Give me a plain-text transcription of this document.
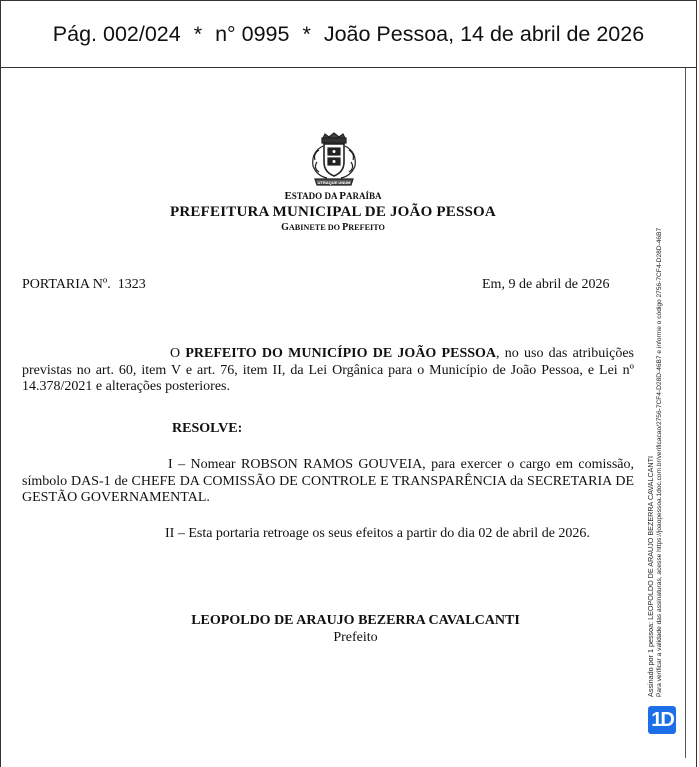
Pág. 002/024 * n° 0995 * João Pessoa, 14 de abril de 2026
UTRAQUE UNUM
ESTADO DA PARAÍBA
PREFEITURA MUNICIPAL DE JOÃO PESSOA
GABINETE DO PREFEITO
PORTARIA Nº. 1323	Em, 9 de abril de 2026
O PREFEITO DO MUNICÍPIO DE JOÃO PESSOA, no uso das atribuições previstas no art. 60, item V e art. 76, item II, da Lei Orgânica para o Município de João Pessoa, e Lei nº 14.378/2021 e alterações posteriores.
RESOLVE:
I – Nomear ROBSON RAMOS GOUVEIA, para exercer o cargo em comissão, símbolo DAS-1 de CHEFE DA COMISSÃO DE CONTROLE E TRANSPARÊNCIA da SECRETARIA DE GESTÃO GOVERNAMENTAL.
II – Esta portaria retroage os seus efeitos a partir do dia 02 de abril de 2026.
LEOPOLDO DE ARAUJO BEZERRA CAVALCANTI
Prefeito	Assinado por 1 pessoa: LEOPOLDO DE ARAUJO BEZERRA CAVALCANTI Para verificar a validade das assinaturas, acesse https://joaopessoa.1doc.com.br/verificacao/2756-7CF4-D28D-46B7 e informe o código 2756-7CF4-D28D-46B7
1D
